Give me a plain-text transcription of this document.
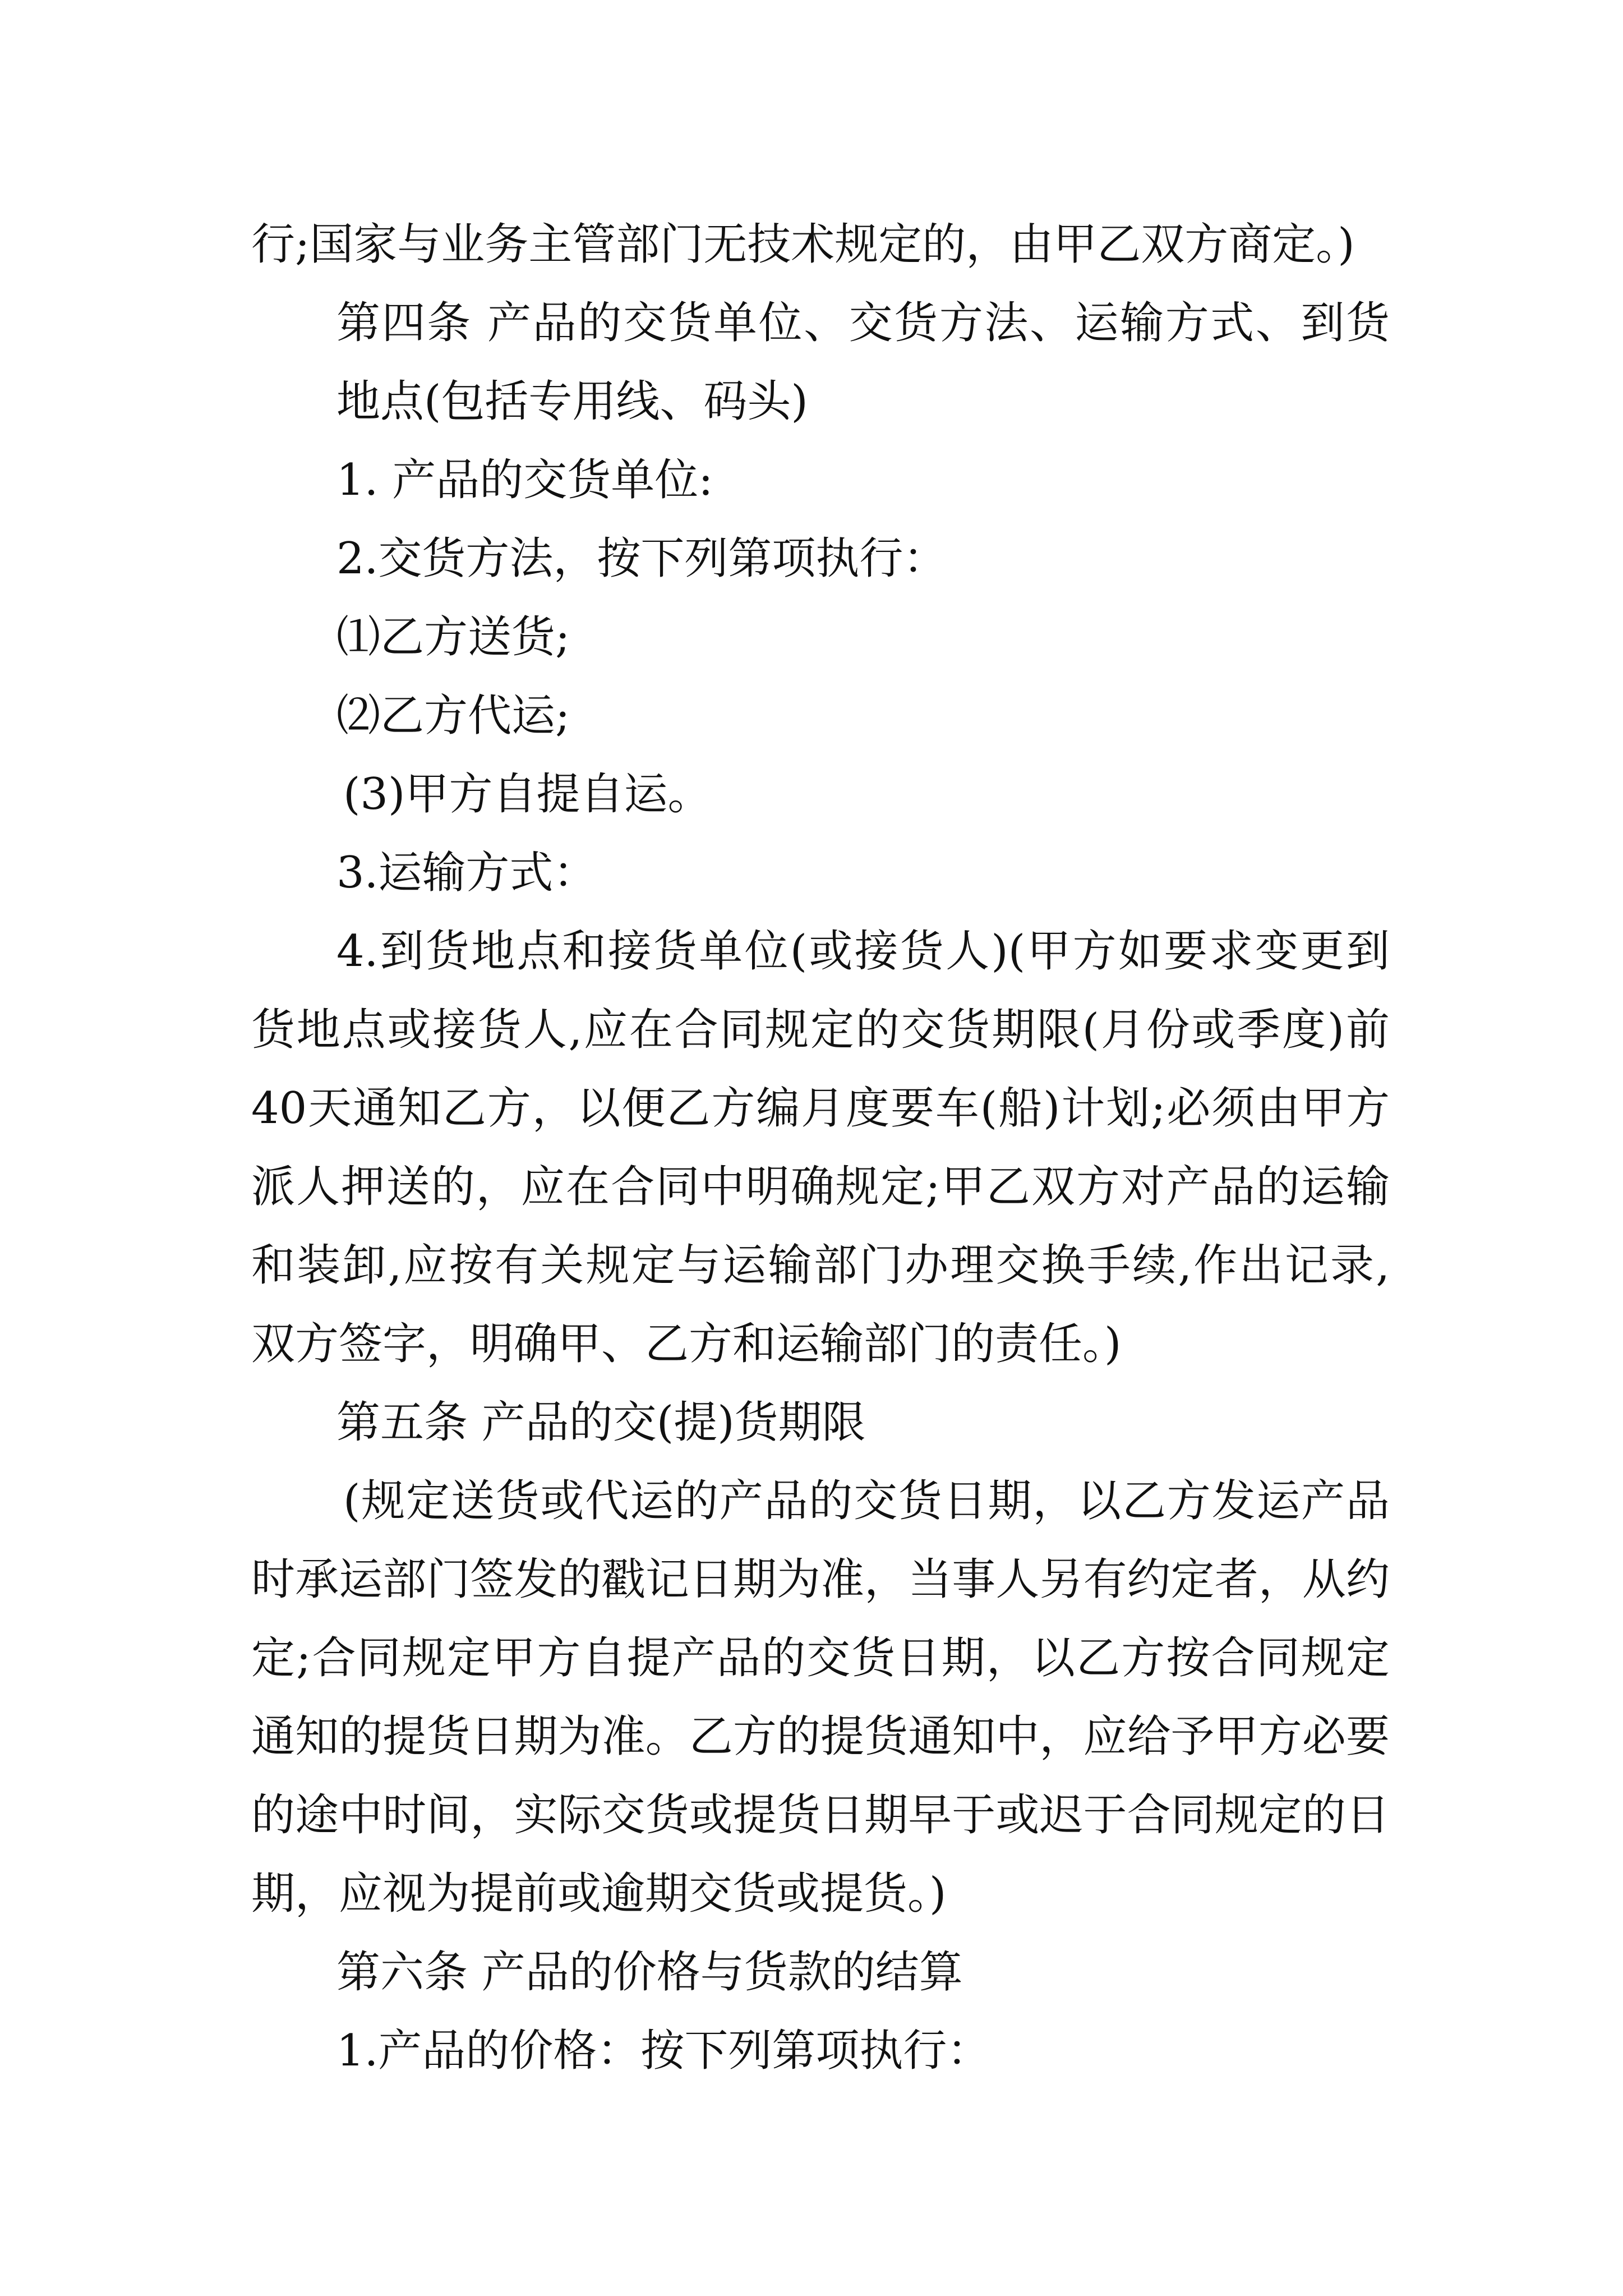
行;国家与业务主管部门无技术规定的，由甲乙双方商定。)
第四条 产品的交货单位、交货方法、运输方式、到货
地点(包括专用线、码头)
1. 产品的交货单位:
2.交货方法，按下列第项执行：
⑴乙方送货;
⑵乙方代运;
(3)甲方自提自运。
3.运输方式：
4.到货地点和接货单位(或接货人)(甲方如要求变更到
货地点或接货人,应在合同规定的交货期限(月份或季度)前
40天通知乙方，以便乙方编月度要车(船)计划;必须由甲方
派人押送的，应在合同中明确规定;甲乙双方对产品的运输
和装卸,应按有关规定与运输部门办理交换手续,作出记录,
双方签字，明确甲、乙方和运输部门的责任。)
第五条 产品的交(提)货期限
(规定送货或代运的产品的交货日期，以乙方发运产品
时承运部门签发的戳记日期为准，当事人另有约定者，从约
定;合同规定甲方自提产品的交货日期，以乙方按合同规定
通知的提货日期为准。乙方的提货通知中，应给予甲方必要
的途中时间，实际交货或提货日期早于或迟于合同规定的日
期，应视为提前或逾期交货或提货。)
第六条 产品的价格与货款的结算
1.产品的价格：按下列第项执行：
